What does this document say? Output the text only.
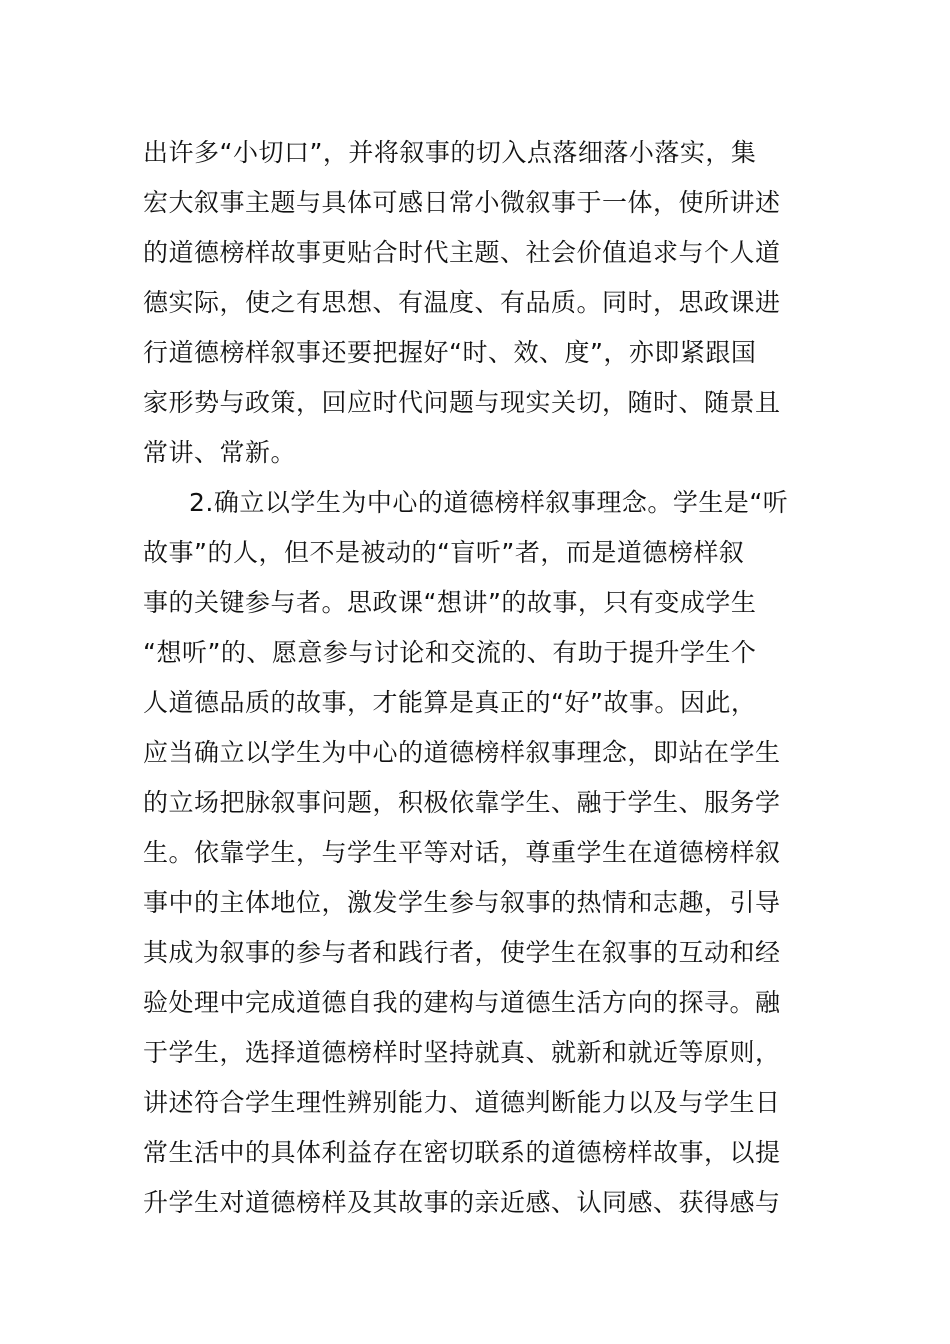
出许多“小切口”，并将叙事的切入点落细落小落实，集
宏大叙事主题与具体可感日常小微叙事于一体，使所讲述
的道德榜样故事更贴合时代主题、社会价值追求与个人道
德实际，使之有思想、有温度、有品质。同时，思政课进
行道德榜样叙事还要把握好“时、效、度”，亦即紧跟国
家形势与政策，回应时代问题与现实关切，随时、随景且
常讲、常新。
2.确立以学生为中心的道德榜样叙事理念。学生是“听
故事”的人，但不是被动的“盲听”者，而是道德榜样叙
事的关键参与者。思政课“想讲”的故事，只有变成学生
“想听”的、愿意参与讨论和交流的、有助于提升学生个
人道德品质的故事，才能算是真正的“好”故事。因此，
应当确立以学生为中心的道德榜样叙事理念，即站在学生
的立场把脉叙事问题，积极依靠学生、融于学生、服务学
生。依靠学生，与学生平等对话，尊重学生在道德榜样叙
事中的主体地位，激发学生参与叙事的热情和志趣，引导
其成为叙事的参与者和践行者，使学生在叙事的互动和经
验处理中完成道德自我的建构与道德生活方向的探寻。融
于学生，选择道德榜样时坚持就真、就新和就近等原则，
讲述符合学生理性辨别能力、道德判断能力以及与学生日
常生活中的具体利益存在密切联系的道德榜样故事，以提
升学生对道德榜样及其故事的亲近感、认同感、获得感与
